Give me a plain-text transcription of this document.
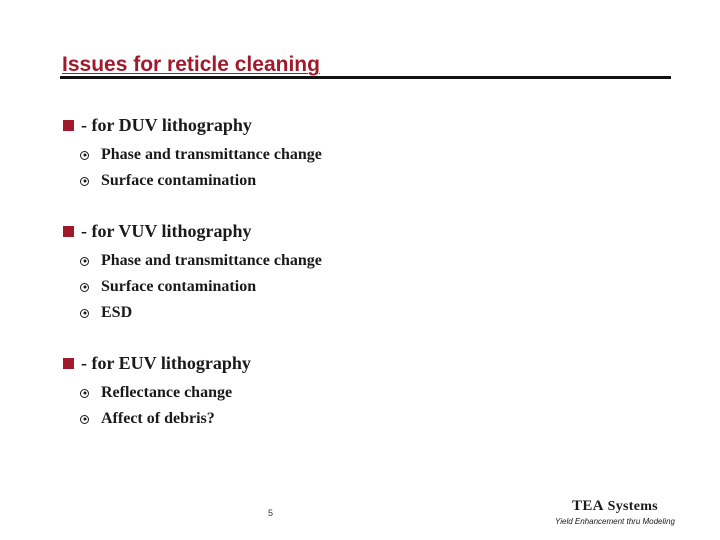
Issues for reticle cleaning
- for DUV lithography
Phase and transmittance change
Surface contamination
- for VUV lithography
Phase and transmittance change
Surface contamination
ESD
- for EUV lithography
Reflectance change
Affect of debris?
5	TEA Systems
Yield Enhancement thru Modeling
